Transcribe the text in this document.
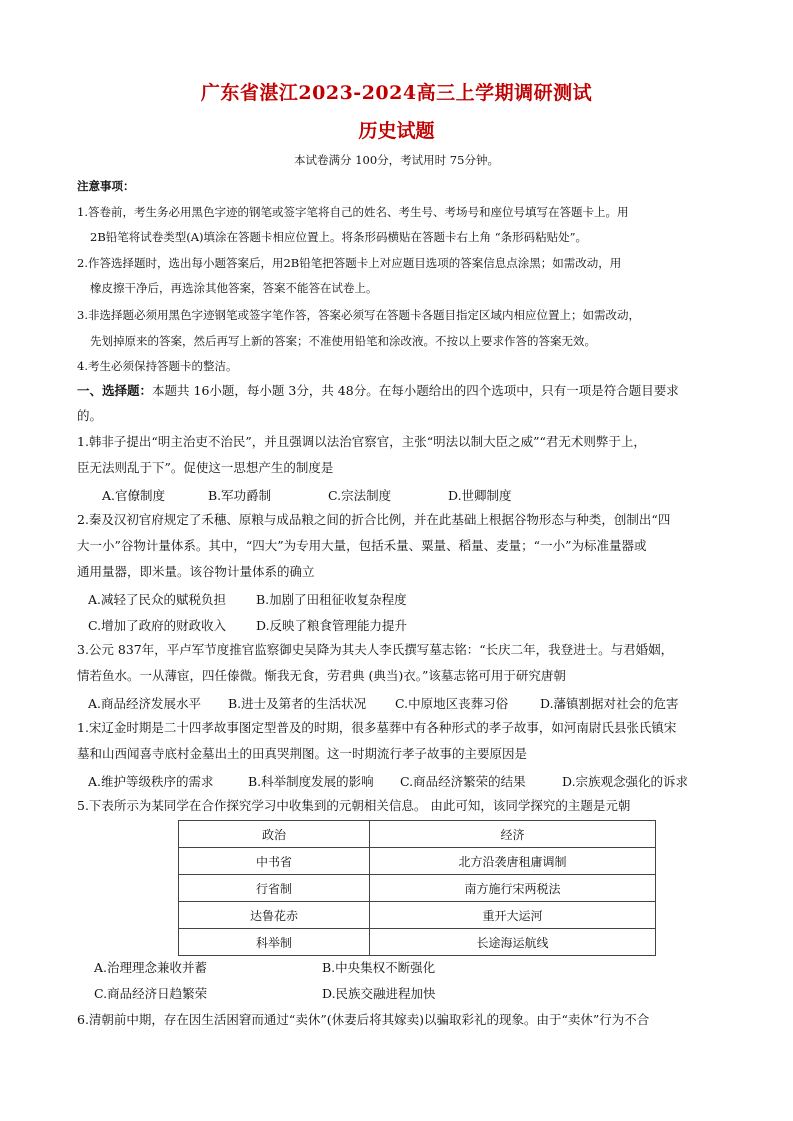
广东省湛江2023-2024高三上学期调研测试
历史试题
本试卷满分 100分，考试用时 75分钟。
注意事项：
1.答卷前，考生务必用黑色字迹的钢笔或签字笔将自己的姓名、考生号、考场号和座位号填写在答题卡上。用
2B铅笔将试卷类型(A)填涂在答题卡相应位置上。将条形码横贴在答题卡右上角 “条形码粘贴处”。
2.作答选择题时，选出每小题答案后，用2B铅笔把答题卡上对应题目选项的答案信息点涂黑；如需改动，用
橡皮擦干净后，再选涂其他答案，答案不能答在试卷上。
3.非选择题必须用黑色字迹钢笔或签字笔作答，答案必须写在答题卡各题目指定区域内相应位置上；如需改动，
先划掉原来的答案，然后再写上新的答案；不准使用铅笔和涂改液。不按以上要求作答的答案无效。
4.考生必须保持答题卡的整洁。
一、选择题：本题共 16小题，每小题 3分，共 48分。在每小题给出的四个选项中，只有一项是符合题目要求
的。
1.韩非子提出“明主治吏不治民”，并且强调以法治官察官，主张“明法以制大臣之威”“君无术则弊于上，
臣无法则乱于下”。促使这一思想产生的制度是
A.官僚制度	B.军功爵制	C.宗法制度	D.世卿制度
2.秦及汉初官府规定了禾穗、原粮与成品粮之间的折合比例，并在此基础上根据谷物形态与种类，创制出“四
大一小”谷物计量体系。其中，“四大”为专用大量，包括禾量、粟量、稻量、麦量；“一小”为标准量器或
通用量器，即米量。该谷物计量体系的确立
A.减轻了民众的赋税负担 B.加剧了田租征收复杂程度
C.增加了政府的财政收入 D.反映了粮食管理能力提升
3.公元 837年，平卢军节度推官监察御史吴降为其夫人李氏撰写墓志铭：“长庆二年，我登进士。与君婚姻，
情若鱼水。一从薄宦，四任傣微。惭我无食，劳君典 (典当)衣。”该墓志铭可用于研究唐朝
A.商品经济发展水平 B.进士及第者的生活状况 C.中原地区丧葬习俗	D.藩镇割据对社会的危害
1.宋辽金时期是二十四孝故事图定型普及的时期，很多墓葬中有各种形式的孝子故事，如河南尉氏县张氏镇宋
墓和山西闻喜寺底村金墓出土的田真哭荆图。这一时期流行孝子故事的主要原因是
A.维护等级秩序的需求	B.科举制度发展的影响 C.商品经济繁荣的结果	D.宗族观念强化的诉求
5.下表所示为某同学在合作探究学习中收集到的元朝相关信息。 由此可知，该同学探究的主题是元朝
政治	经济
中书省	北方沿袭唐租庸调制
行省制	南方施行宋两税法
达鲁花赤	重开大运河
科举制	长途海运航线
A.治理理念兼收并蓄	B.中央集权不断强化
C.商品经济日趋繁荣	D.民族交融进程加快
6.清朝前中期，存在因生活困窘而通过“卖休”(休妻后将其嫁卖)以骗取彩礼的现象。由于“卖休”行为不合
